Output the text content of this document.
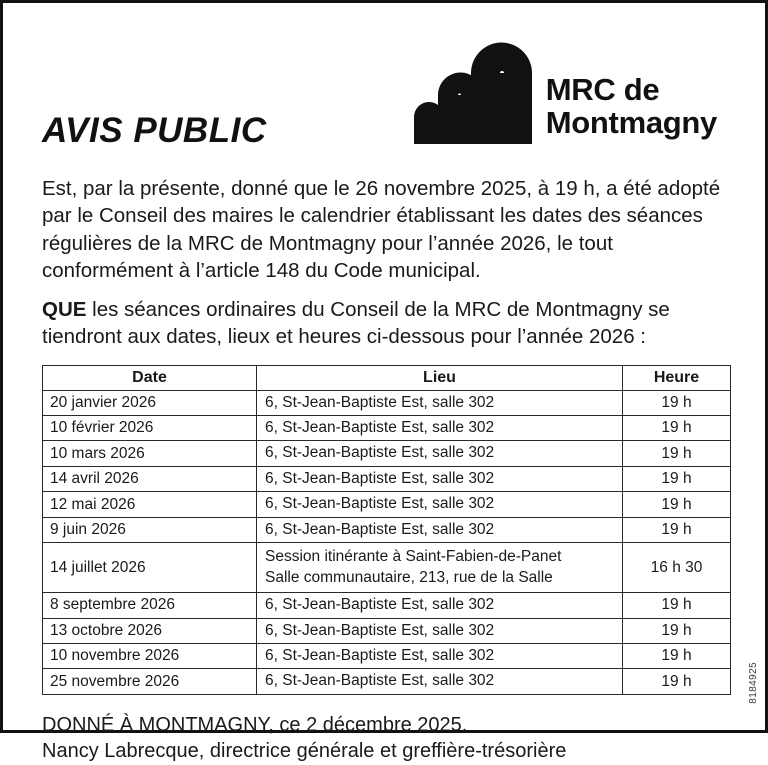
AVIS PUBLIC
MRC de
Montmagny

Est, par la présente, donné que le 26 novembre 2025, à 19 h, a été adopté par le Conseil des maires le calendrier établissant les dates des séances régulières de la MRC de Montmagny pour l’année 2026, le tout conformément à l’article 148 du Code municipal.

QUE les séances ordinaires du Conseil de la MRC de Montmagny se tiendront aux dates, lieux et heures ci-dessous pour l’année 2026 :

Date	Lieu	Heure
20 janvier 2026	6, St-Jean-Baptiste Est, salle 302	19 h
10 février 2026	6, St-Jean-Baptiste Est, salle 302	19 h
10 mars 2026	6, St-Jean-Baptiste Est, salle 302	19 h
14 avril 2026	6, St-Jean-Baptiste Est, salle 302	19 h
12 mai 2026	6, St-Jean-Baptiste Est, salle 302	19 h
9 juin 2026	6, St-Jean-Baptiste Est, salle 302	19 h
14 juillet 2026	Session itinérante à Saint-Fabien-de-Panet
Salle communautaire, 213, rue de la Salle	16 h 30
8 septembre 2026	6, St-Jean-Baptiste Est, salle 302	19 h
13 octobre 2026	6, St-Jean-Baptiste Est, salle 302	19 h
10 novembre 2026	6, St-Jean-Baptiste Est, salle 302	19 h
25 novembre 2026	6, St-Jean-Baptiste Est, salle 302	19 h
DONNÉ À MONTMAGNY, ce 2 décembre 2025.
Nancy Labrecque, directrice générale et greffière-trésorière
8184925
